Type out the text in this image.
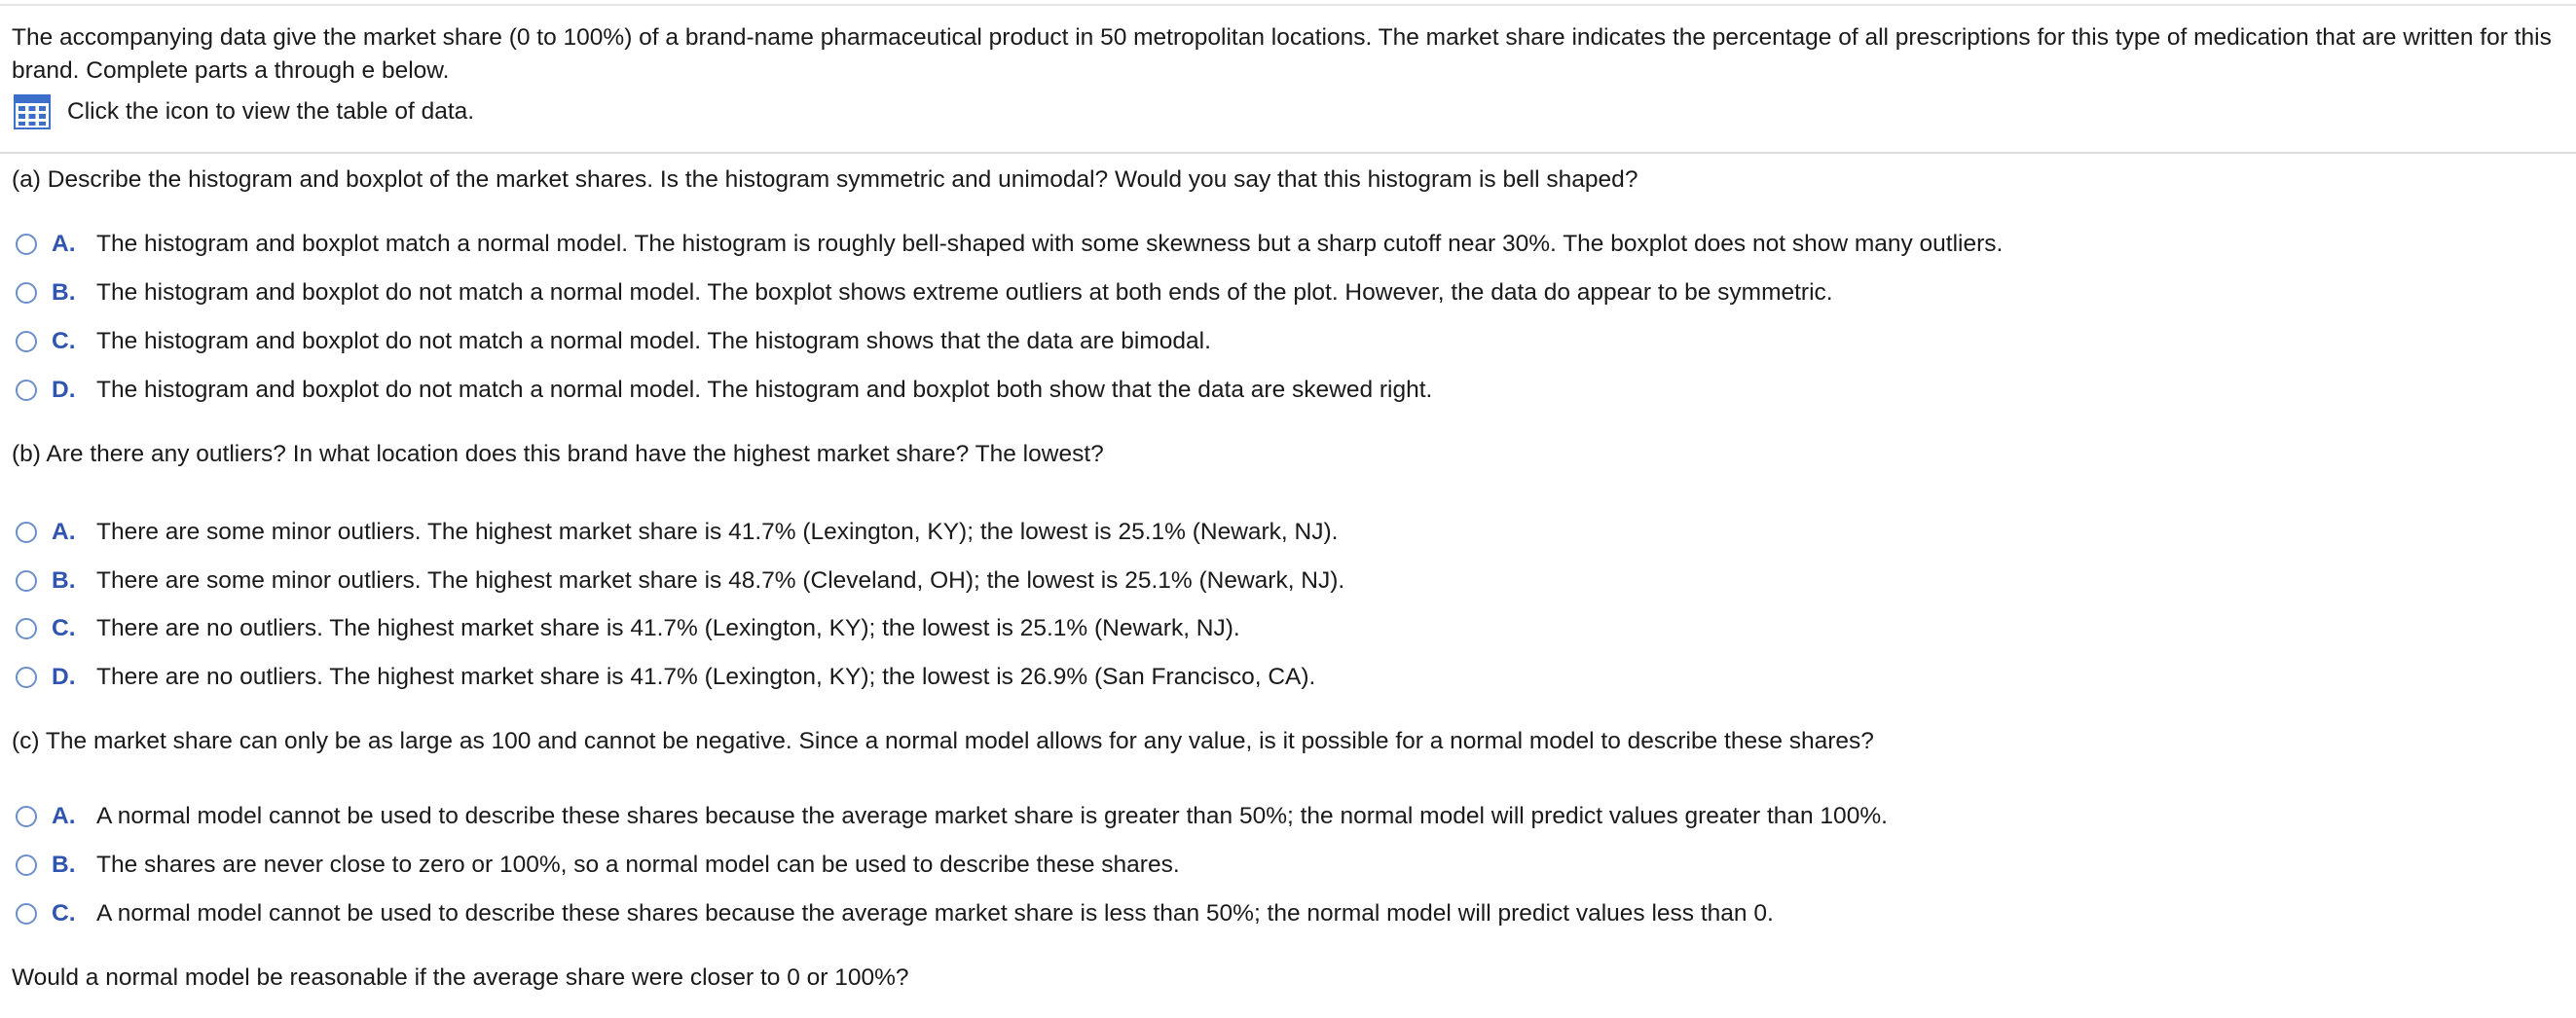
The accompanying data give the market share (0 to 100%) of a brand-name pharmaceutical product in 50 metropolitan locations. The market share indicates the percentage of all prescriptions for this type of medication that are written for this brand. Complete parts a through e below.
Click the icon to view the table of data.
(a) Describe the histogram and boxplot of the market shares. Is the histogram symmetric and unimodal? Would you say that this histogram is bell shaped?
A. The histogram and boxplot match a normal model. The histogram is roughly bell-shaped with some skewness but a sharp cutoff near 30%. The boxplot does not show many outliers.
B. The histogram and boxplot do not match a normal model. The boxplot shows extreme outliers at both ends of the plot. However, the data do appear to be symmetric.
C. The histogram and boxplot do not match a normal model. The histogram shows that the data are bimodal.
D. The histogram and boxplot do not match a normal model. The histogram and boxplot both show that the data are skewed right.
(b) Are there any outliers? In what location does this brand have the highest market share? The lowest?
A. There are some minor outliers. The highest market share is 41.7% (Lexington, KY); the lowest is 25.1% (Newark, NJ).
B. There are some minor outliers. The highest market share is 48.7% (Cleveland, OH); the lowest is 25.1% (Newark, NJ).
C. There are no outliers. The highest market share is 41.7% (Lexington, KY); the lowest is 25.1% (Newark, NJ).
D. There are no outliers. The highest market share is 41.7% (Lexington, KY); the lowest is 26.9% (San Francisco, CA).
(c) The market share can only be as large as 100 and cannot be negative. Since a normal model allows for any value, is it possible for a normal model to describe these shares?
A. A normal model cannot be used to describe these shares because the average market share is greater than 50%; the normal model will predict values greater than 100%.
B. The shares are never close to zero or 100%, so a normal model can be used to describe these shares.
C. A normal model cannot be used to describe these shares because the average market share is less than 50%; the normal model will predict values less than 0.
Would a normal model be reasonable if the average share were closer to 0 or 100%?
